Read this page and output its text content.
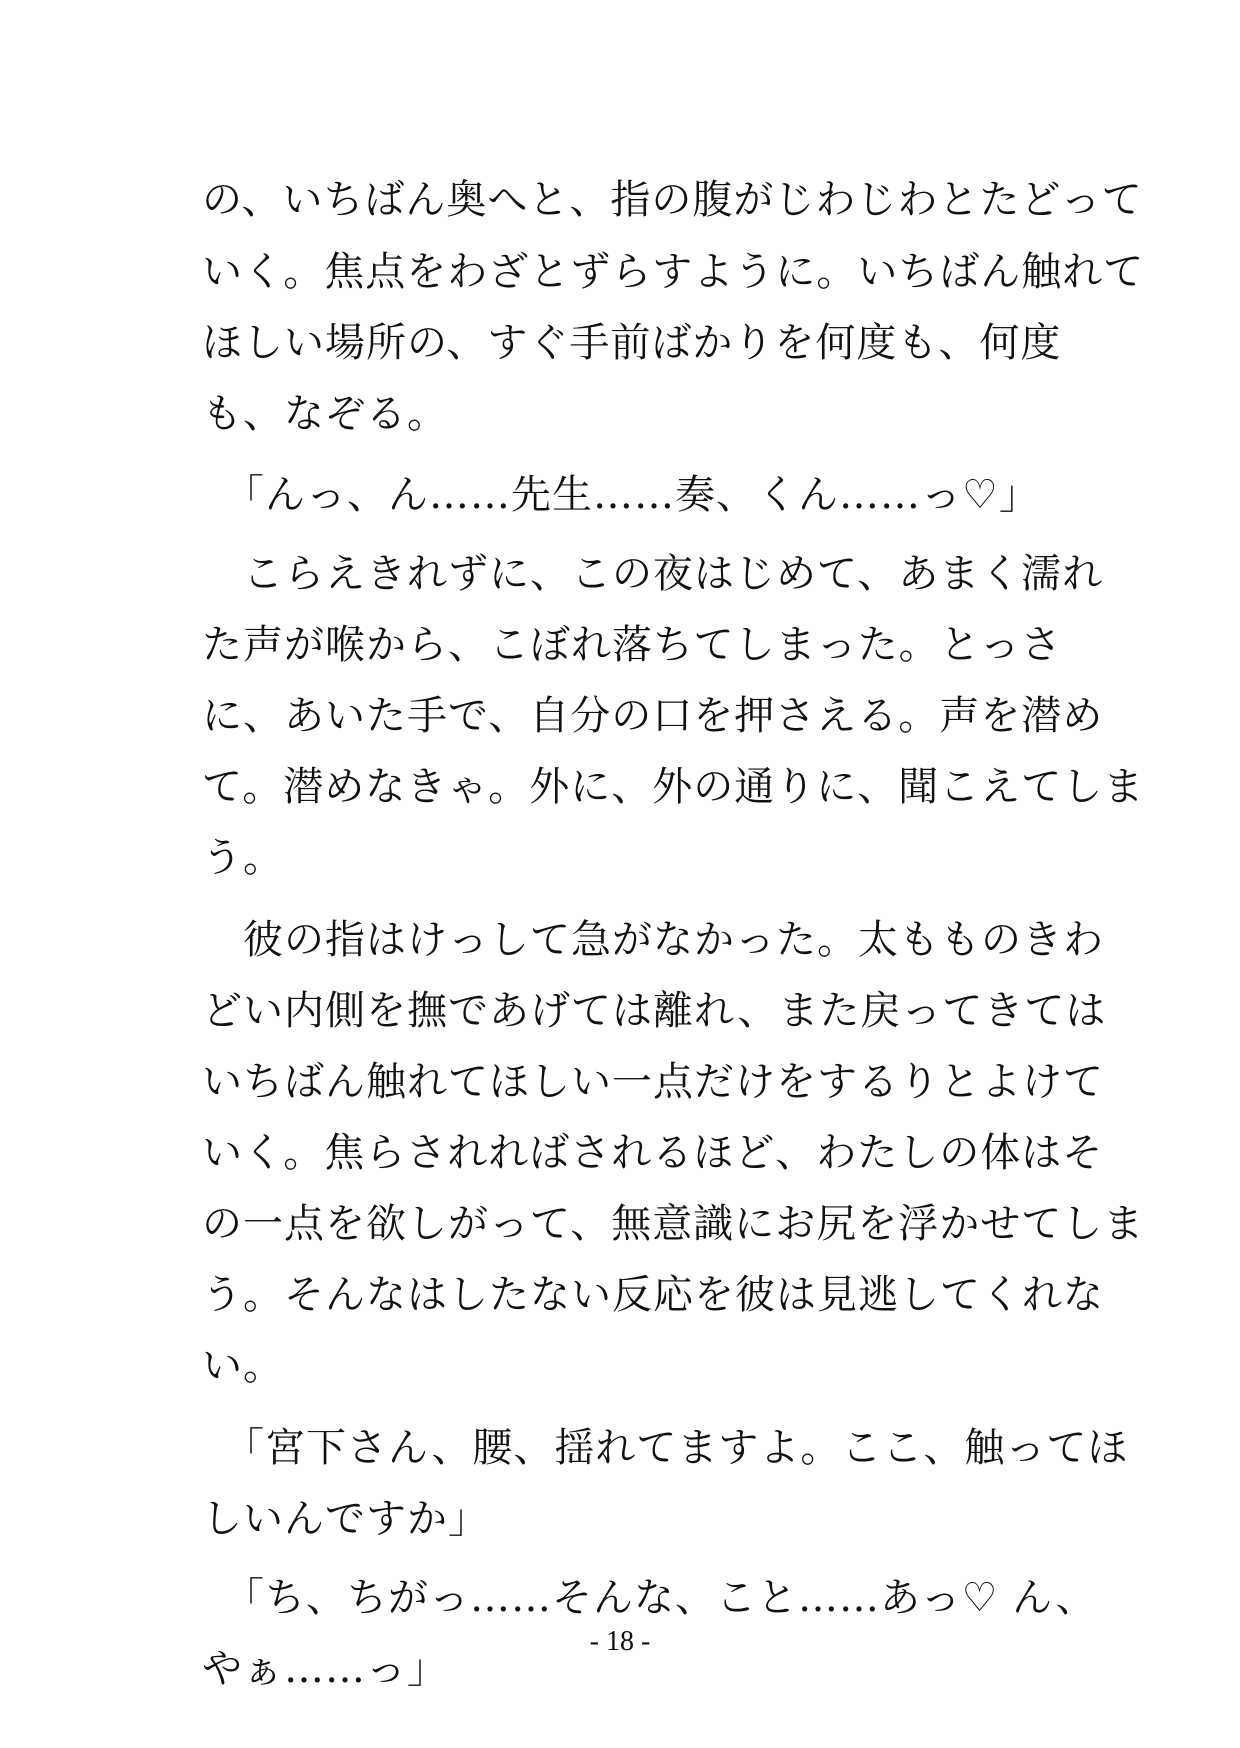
の、いちばん奥へと、指の腹がじわじわとたどって
いく。焦点をわざとずらすように。いちばん触れて
ほしい場所の、すぐ手前ばかりを何度も、何度
も、なぞる。
「んっ、ん……先生……奏、くん……っ♡」
　こらえきれずに、この夜はじめて、あまく濡れ
た声が喉から、こぼれ落ちてしまった。とっさ
に、あいた手で、自分の口を押さえる。声を潜め
て。潜めなきゃ。外に、外の通りに、聞こえてしま
う。
　彼の指はけっして急がなかった。太もものきわ
どい内側を撫であげては離れ、また戻ってきては
いちばん触れてほしい一点だけをするりとよけて
いく。焦らされればされるほど、わたしの体はそ
の一点を欲しがって、無意識にお尻を浮かせてしま
う。そんなはしたない反応を彼は見逃してくれな
い。
「宮下さん、腰、揺れてますよ。ここ、触ってほ
しいんですか」
「ち、ちがっ……そんな、こと……あっ♡ ん、
やぁ……っ」
- 18 -
